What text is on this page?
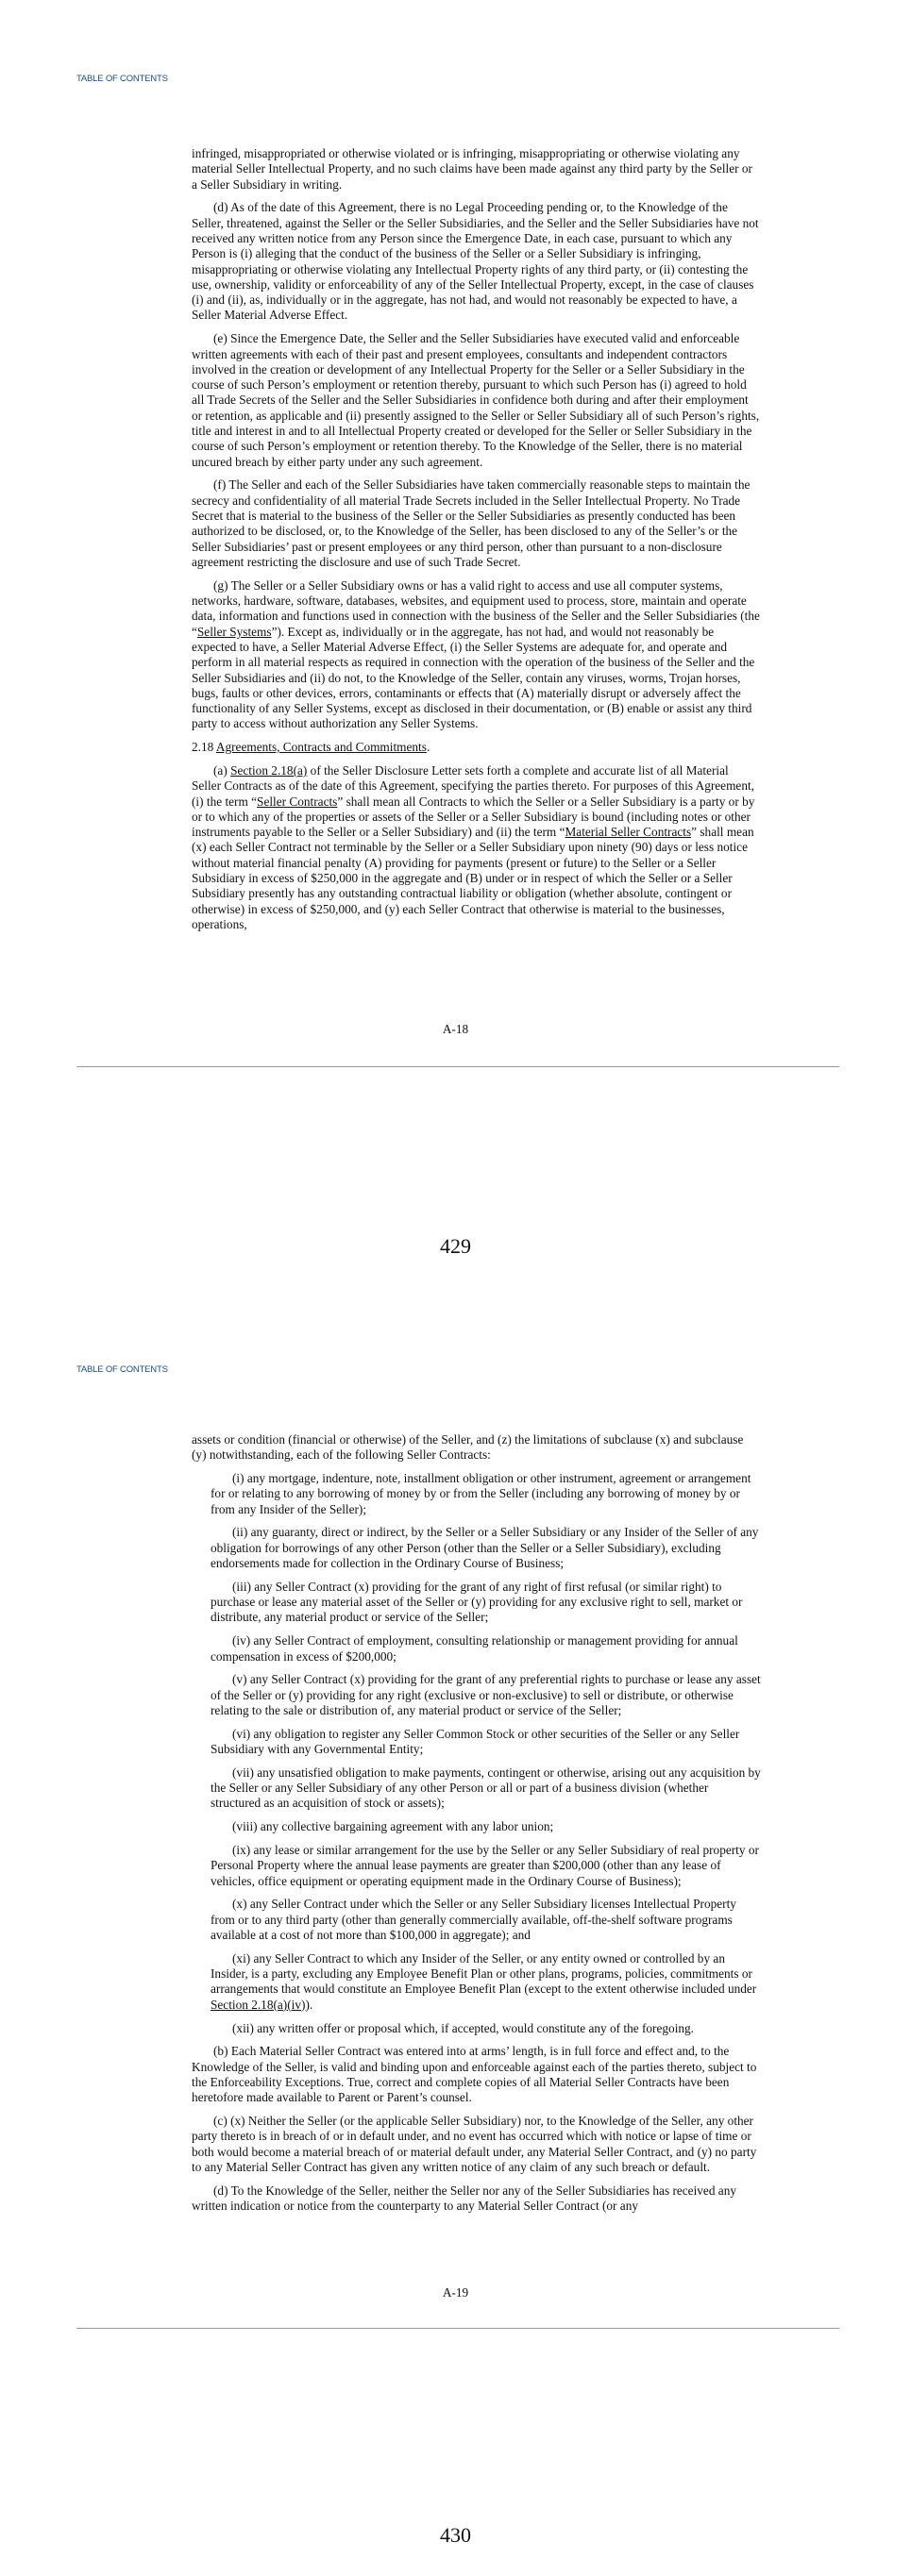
TABLE OF CONTENTS

infringed, misappropriated or otherwise violated or is infringing, misappropriating or otherwise violating any material Seller Intellectual Property, and no such claims have been made against any third party by the Seller or a Seller Subsidiary in writing.

(d) As of the date of this Agreement, there is no Legal Proceeding pending or, to the Knowledge of the Seller, threatened, against the Seller or the Seller Subsidiaries, and the Seller and the Seller Subsidiaries have not received any written notice from any Person since the Emergence Date, in each case, pursuant to which any Person is (i) alleging that the conduct of the business of the Seller or a Seller Subsidiary is infringing, misappropriating or otherwise violating any Intellectual Property rights of any third party, or (ii) contesting the use, ownership, validity or enforceability of any of the Seller Intellectual Property, except, in the case of clauses (i) and (ii), as, individually or in the aggregate, has not had, and would not reasonably be expected to have, a Seller Material Adverse Effect.

(e) Since the Emergence Date, the Seller and the Seller Subsidiaries have executed valid and enforceable written agreements with each of their past and present employees, consultants and independent contractors involved in the creation or development of any Intellectual Property for the Seller or a Seller Subsidiary in the course of such Person’s employment or retention thereby, pursuant to which such Person has (i) agreed to hold all Trade Secrets of the Seller and the Seller Subsidiaries in confidence both during and after their employment or retention, as applicable and (ii) presently assigned to the Seller or Seller Subsidiary all of such Person’s rights, title and interest in and to all Intellectual Property created or developed for the Seller or Seller Subsidiary in the course of such Person’s employment or retention thereby. To the Knowledge of the Seller, there is no material uncured breach by either party under any such agreement.

(f) The Seller and each of the Seller Subsidiaries have taken commercially reasonable steps to maintain the secrecy and confidentiality of all material Trade Secrets included in the Seller Intellectual Property. No Trade Secret that is material to the business of the Seller or the Seller Subsidiaries as presently conducted has been authorized to be disclosed, or, to the Knowledge of the Seller, has been disclosed to any of the Seller’s or the Seller Subsidiaries’ past or present employees or any third person, other than pursuant to a non-disclosure agreement restricting the disclosure and use of such Trade Secret.

(g) The Seller or a Seller Subsidiary owns or has a valid right to access and use all computer systems, networks, hardware, software, databases, websites, and equipment used to process, store, maintain and operate data, information and functions used in connection with the business of the Seller and the Seller Subsidiaries (the “Seller Systems”). Except as, individually or in the aggregate, has not had, and would not reasonably be expected to have, a Seller Material Adverse Effect, (i) the Seller Systems are adequate for, and operate and perform in all material respects as required in connection with the operation of the business of the Seller and the Seller Subsidiaries and (ii) do not, to the Knowledge of the Seller, contain any viruses, worms, Trojan horses, bugs, faults or other devices, errors, contaminants or effects that (A) materially disrupt or adversely affect the functionality of any Seller Systems, except as disclosed in their documentation, or (B) enable or assist any third party to access without authorization any Seller Systems.

2.18 Agreements, Contracts and Commitments.

(a) Section 2.18(a) of the Seller Disclosure Letter sets forth a complete and accurate list of all Material Seller Contracts as of the date of this Agreement, specifying the parties thereto. For purposes of this Agreement, (i) the term “Seller Contracts” shall mean all Contracts to which the Seller or a Seller Subsidiary is a party or by or to which any of the properties or assets of the Seller or a Seller Subsidiary is bound (including notes or other instruments payable to the Seller or a Seller Subsidiary) and (ii) the term “Material Seller Contracts” shall mean (x) each Seller Contract not terminable by the Seller or a Seller Subsidiary upon ninety (90) days or less notice without material financial penalty (A) providing for payments (present or future) to the Seller or a Seller Subsidiary in excess of $250,000 in the aggregate and (B) under or in respect of which the Seller or a Seller Subsidiary presently has any outstanding contractual liability or obligation (whether absolute, contingent or otherwise) in excess of $250,000, and (y) each Seller Contract that otherwise is material to the businesses, operations,

A-18
429
TABLE OF CONTENTS

assets or condition (financial or otherwise) of the Seller, and (z) the limitations of subclause (x) and subclause (y) notwithstanding, each of the following Seller Contracts:

(i) any mortgage, indenture, note, installment obligation or other instrument, agreement or arrangement for or relating to any borrowing of money by or from the Seller (including any borrowing of money by or from any Insider of the Seller);

(ii) any guaranty, direct or indirect, by the Seller or a Seller Subsidiary or any Insider of the Seller of any obligation for borrowings of any other Person (other than the Seller or a Seller Subsidiary), excluding endorsements made for collection in the Ordinary Course of Business;

(iii) any Seller Contract (x) providing for the grant of any right of first refusal (or similar right) to purchase or lease any material asset of the Seller or (y) providing for any exclusive right to sell, market or distribute, any material product or service of the Seller;

(iv) any Seller Contract of employment, consulting relationship or management providing for annual compensation in excess of $200,000;

(v) any Seller Contract (x) providing for the grant of any preferential rights to purchase or lease any asset of the Seller or (y) providing for any right (exclusive or non-exclusive) to sell or distribute, or otherwise relating to the sale or distribution of, any material product or service of the Seller;

(vi) any obligation to register any Seller Common Stock or other securities of the Seller or any Seller Subsidiary with any Governmental Entity;

(vii) any unsatisfied obligation to make payments, contingent or otherwise, arising out any acquisition by the Seller or any Seller Subsidiary of any other Person or all or part of a business division (whether structured as an acquisition of stock or assets);

(viii) any collective bargaining agreement with any labor union;

(ix) any lease or similar arrangement for the use by the Seller or any Seller Subsidiary of real property or Personal Property where the annual lease payments are greater than $200,000 (other than any lease of vehicles, office equipment or operating equipment made in the Ordinary Course of Business);

(x) any Seller Contract under which the Seller or any Seller Subsidiary licenses Intellectual Property from or to any third party (other than generally commercially available, off-the-shelf software programs available at a cost of not more than $100,000 in aggregate); and

(xi) any Seller Contract to which any Insider of the Seller, or any entity owned or controlled by an Insider, is a party, excluding any Employee Benefit Plan or other plans, programs, policies, commitments or arrangements that would constitute an Employee Benefit Plan (except to the extent otherwise included under Section 2.18(a)(iv)).

(xii) any written offer or proposal which, if accepted, would constitute any of the foregoing.

(b) Each Material Seller Contract was entered into at arms’ length, is in full force and effect and, to the Knowledge of the Seller, is valid and binding upon and enforceable against each of the parties thereto, subject to the Enforceability Exceptions. True, correct and complete copies of all Material Seller Contracts have been heretofore made available to Parent or Parent’s counsel.

(c) (x) Neither the Seller (or the applicable Seller Subsidiary) nor, to the Knowledge of the Seller, any other party thereto is in breach of or in default under, and no event has occurred which with notice or lapse of time or both would become a material breach of or material default under, any Material Seller Contract, and (y) no party to any Material Seller Contract has given any written notice of any claim of any such breach or default.

(d) To the Knowledge of the Seller, neither the Seller nor any of the Seller Subsidiaries has received any written indication or notice from the counterparty to any Material Seller Contract (or any

A-19
430
